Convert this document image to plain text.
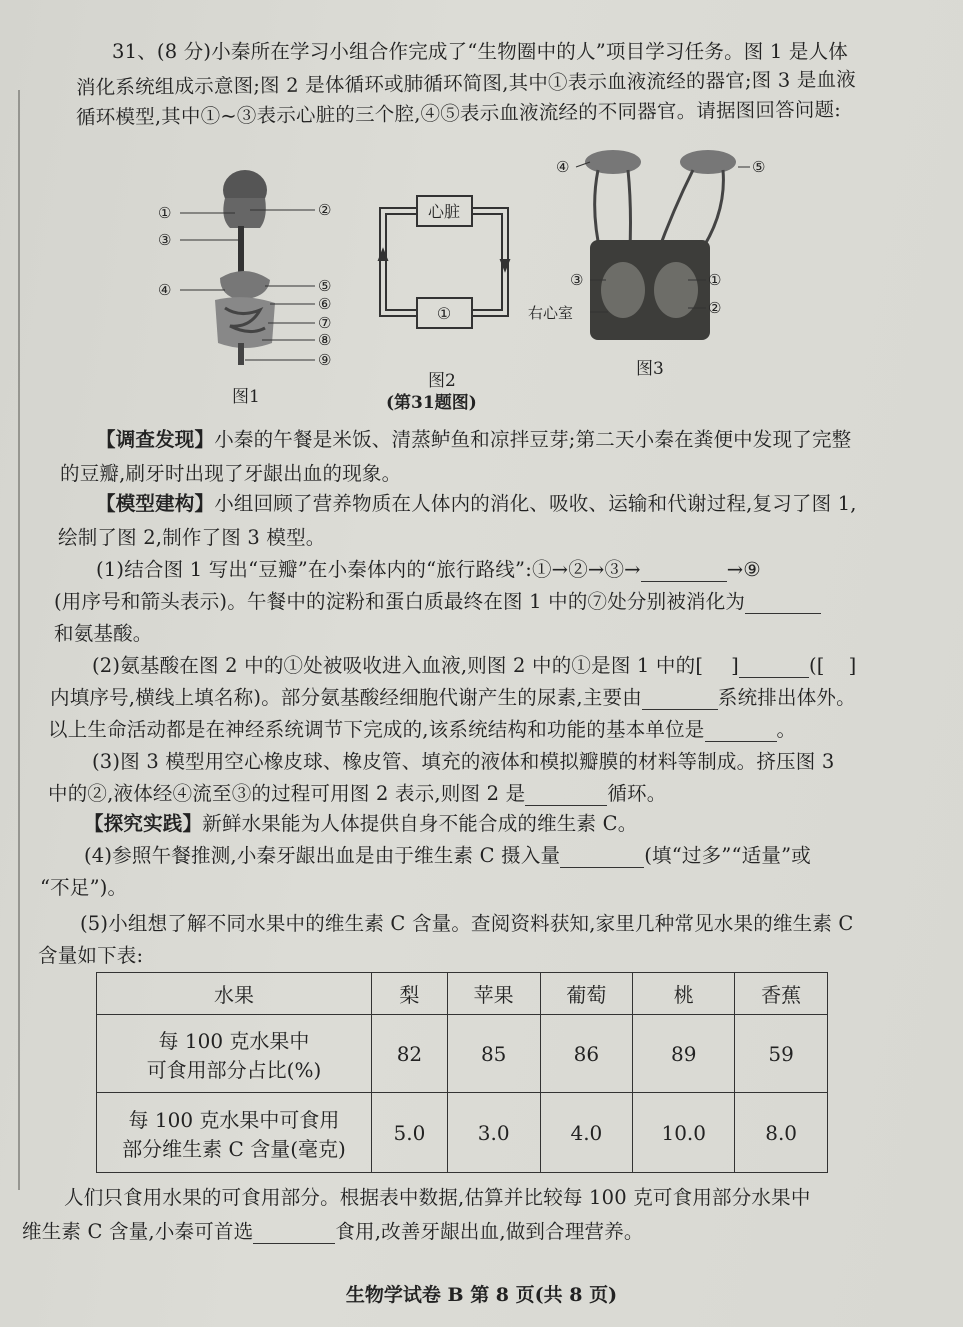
31、(8 分)小秦所在学习小组合作完成了“生物圈中的人”项目学习任务。图 1 是人体
消化系统组成示意图;图 2 是体循环或肺循环简图,其中①表示血液流经的器官;图 3 是血液
循环模型,其中①~③表示心脏的三个腔,④⑤表示血液流经的不同器官。请据图回答问题:
①
③
④
②
⑤
⑥
⑦
⑧
⑨
图1
心脏
①
图2
(第31题图)
④	⑤
③	①
②
右心室
图3
【调查发现】小秦的午餐是米饭、清蒸鲈鱼和凉拌豆芽;第二天小秦在粪便中发现了完整
的豆瓣,刷牙时出现了牙龈出血的现象。
【模型建构】小组回顾了营养物质在人体内的消化、吸收、运输和代谢过程,复习了图 1,
绘制了图 2,制作了图 3 模型。
(1)结合图 1 写出“豆瓣”在小秦体内的“旅行路线”:①→②→③→	→⑨
(用序号和箭头表示)。午餐中的淀粉和蛋白质最终在图 1 中的⑦处分别被消化为
和氨基酸。
(2)氨基酸在图 2 中的①处被吸收进入血液,则图 2 中的①是图 1 中的[ ]	([ ]
内填序号,横线上填名称)。部分氨基酸经细胞代谢产生的尿素,主要由	系统排出体外。
以上生命活动都是在神经系统调节下完成的,该系统结构和功能的基本单位是	。
(3)图 3 模型用空心橡皮球、橡皮管、填充的液体和模拟瓣膜的材料等制成。挤压图 3
中的②,液体经④流至③的过程可用图 2 表示,则图 2 是	循环。
【探究实践】新鲜水果能为人体提供自身不能合成的维生素 C。
(4)参照午餐推测,小秦牙龈出血是由于维生素 C 摄入量	(填“过多”“适量”或
“不足”)。
(5)小组想了解不同水果中的维生素 C 含量。查阅资料获知,家里几种常见水果的维生素 C
含量如下表:
水果	梨	苹果	葡萄	桃	香蕉

每 100 克水果中
可食用部分占比(%)	82	85	86	89	59

每 100 克水果中可食用
部分维生素 C 含量(毫克)	5.0	3.0	4.0	10.0	8.0
人们只食用水果的可食用部分。根据表中数据,估算并比较每 100 克可食用部分水果中
维生素 C 含量,小秦可首选	食用,改善牙龈出血,做到合理营养。
生物学试卷 B 第 8 页(共 8 页)
